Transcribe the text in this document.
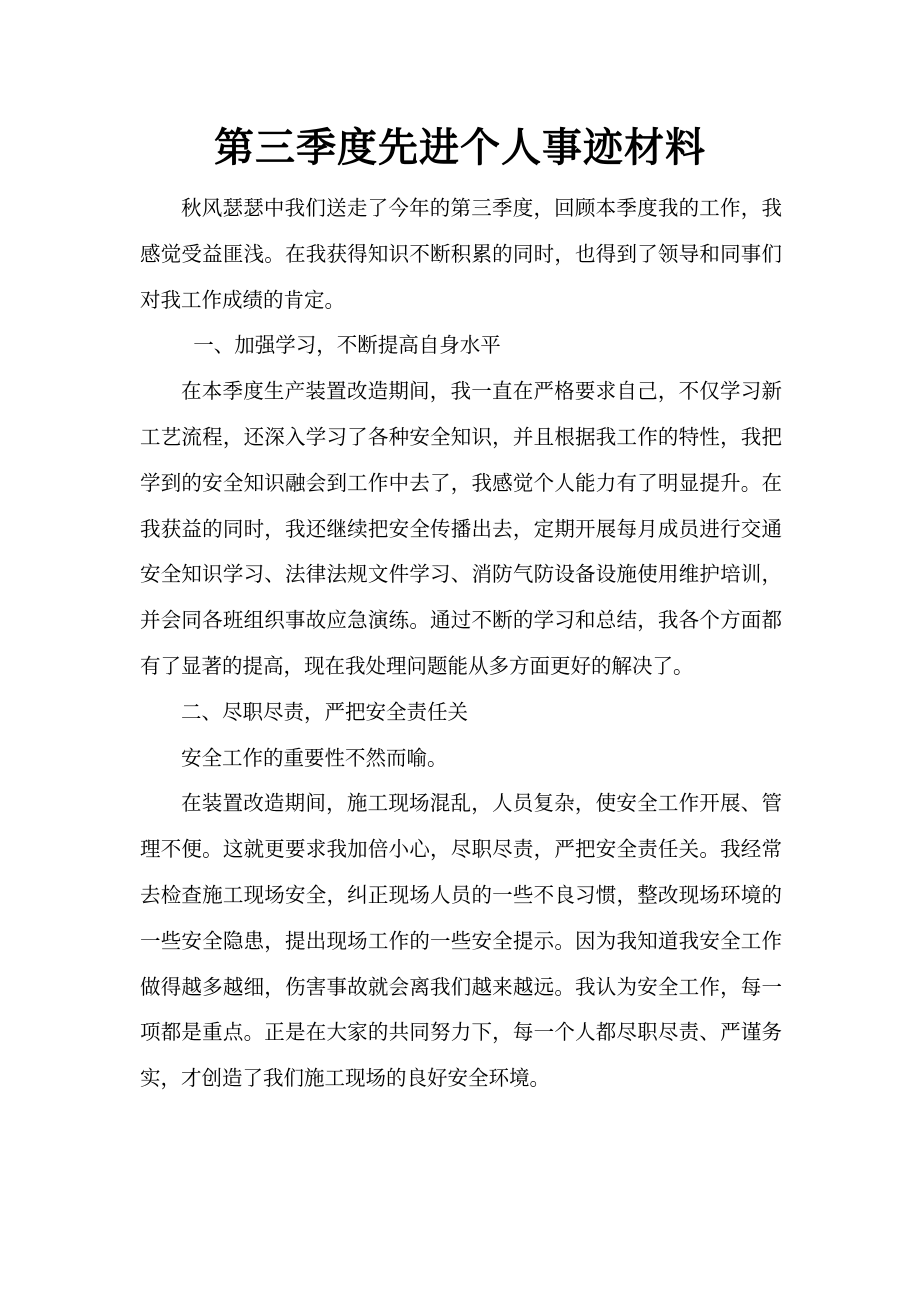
第三季度先进个人事迹材料

秋风瑟瑟中我们送走了今年的第三季度，回顾本季度我的工作，我感觉受益匪浅。在我获得知识不断积累的同时，也得到了领导和同事们对我工作成绩的肯定。

一、加强学习，不断提高自身水平

在本季度生产装置改造期间，我一直在严格要求自己，不仅学习新工艺流程，还深入学习了各种安全知识，并且根据我工作的特性，我把学到的安全知识融会到工作中去了，我感觉个人能力有了明显提升。在我获益的同时，我还继续把安全传播出去，定期开展每月成员进行交通安全知识学习、法律法规文件学习、消防气防设备设施使用维护培训，并会同各班组织事故应急演练。通过不断的学习和总结，我各个方面都有了显著的提高，现在我处理问题能从多方面更好的解决了。

二、尽职尽责，严把安全责任关

安全工作的重要性不然而喻。

在装置改造期间，施工现场混乱，人员复杂，使安全工作开展、管理不便。这就更要求我加倍小心，尽职尽责，严把安全责任关。我经常去检查施工现场安全，纠正现场人员的一些不良习惯，整改现场环境的一些安全隐患，提出现场工作的一些安全提示。因为我知道我安全工作做得越多越细，伤害事故就会离我们越来越远。我认为安全工作，每一项都是重点。正是在大家的共同努力下，每一个人都尽职尽责、严谨务实，才创造了我们施工现场的良好安全环境。
